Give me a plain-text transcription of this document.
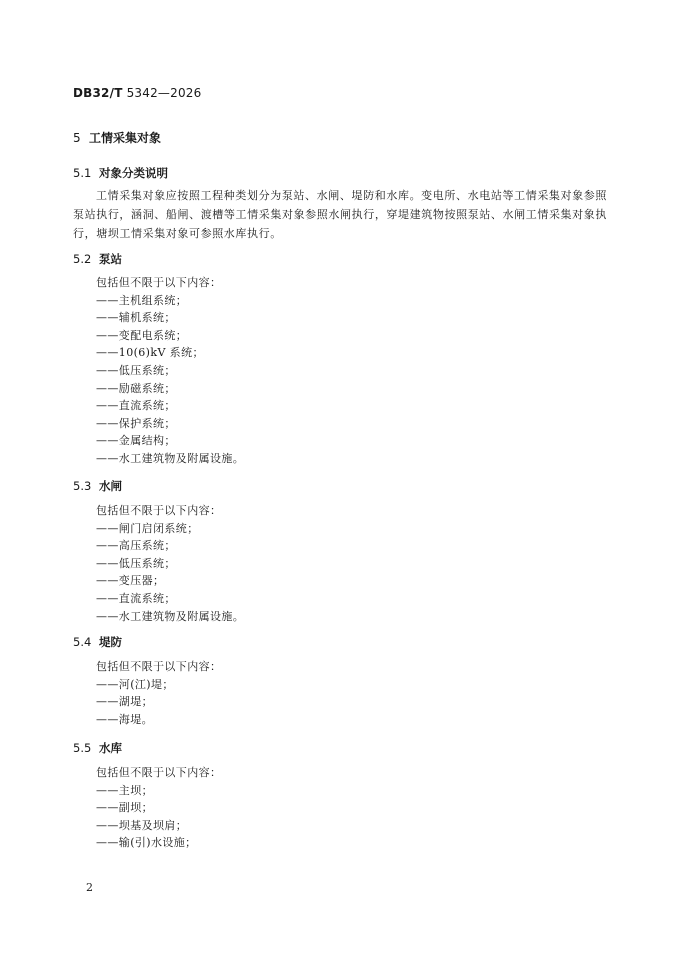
DB32/T 5342—2026
5 工情采集对象
5.1 对象分类说明
工情采集对象应按照工程种类划分为泵站、水闸、堤防和水库。变电所、水电站等工情采集对象参照泵站执行，涵洞、船闸、渡槽等工情采集对象参照水闸执行，穿堤建筑物按照泵站、水闸工情采集对象执行，塘坝工情采集对象可参照水库执行。
5.2 泵站
包括但不限于以下内容：
——主机组系统；
——辅机系统；
——变配电系统；
——10(6)kV 系统；
——低压系统；
——励磁系统；
——直流系统；
——保护系统；
——金属结构；
——水工建筑物及附属设施。
5.3 水闸
包括但不限于以下内容：
——闸门启闭系统；
——高压系统；
——低压系统；
——变压器；
——直流系统；
——水工建筑物及附属设施。
5.4 堤防
包括但不限于以下内容：
——河(江)堤；
——湖堤；
——海堤。
5.5 水库
包括但不限于以下内容：
——主坝；
——副坝；
——坝基及坝肩；
——输(引)水设施；
2
